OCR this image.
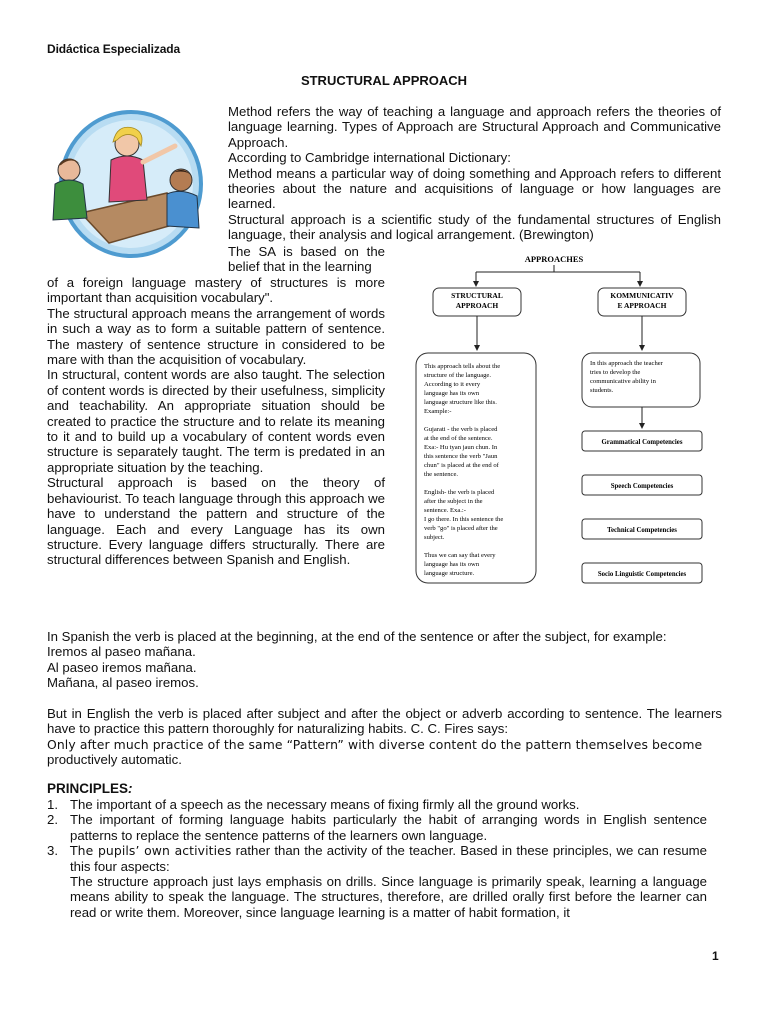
Didáctica Especializada
STRUCTURAL APPROACH

Method refers the way of teaching a language and approach refers the theories of language learning. Types of Approach are Structural Approach and Communicative Approach.

According to Cambridge international Dictionary:

Method means a particular way of doing something and Approach refers to different theories about the nature and acquisitions of language or how languages are learned.

Structural approach is a scientific study of the fundamental structures of English language, their analysis and logical arrangement. (Brewington)

The SA is based on the belief that in the learning

of a foreign language mastery of structures is more important than acquisition vocabulary".

The structural approach means the arrangement of words in such a way as to form a suitable pattern of sentence. The mastery of sentence structure in considered to be mare with than the acquisition of vocabulary.

In structural, content words are also taught. The selection of content words is directed by their usefulness, simplicity and teachability. An appropriate situation should be created to practice the structure and to relate its meaning to it and to build up a vocabulary of content words even structure is separately taught. The term is predated in an appropriate situation by the teaching.

Structural approach is based on the theory of behaviourist. To teach language through this approach we have to understand the pattern and structure of the language. Each and every Language has its own structure. Every language differs structurally. There are structural differences between Spanish and English.

APPROACHES
STRUCTURAL
APPROACH
KOMMUNICATIV
E APPROACH
This approach tells about the
structure of the language.
According to it every
language has its own
language structure like this.
Example:-
Gujarati - the verb is placed
at the end of the sentence.
Exa:- Hu tyan jaun chun. In
this sentence the verb "Jaun
chun" is placed at the end of
the sentence.
English- the verb is placed
after the subject in the
sentence. Exa.:-
I go there. In this sentence the
verb "go" is placed after the
subject.
Thus we can say that every
language has its own
language structure.
In this approach the teacher
tries to develop the
communicative ability in
students.
Grammatical Competencies
Speech Competencies
Technical Competencies
Socio Linguistic Competencies

In Spanish the verb is placed at the beginning, at the end of the sentence or after the subject, for example:

Iremos al paseo mañana.

Al paseo iremos mañana.

Mañana, al paseo iremos.

But in English the verb is placed after subject and after the object or adverb according to sentence. The learners have to practice this pattern thoroughly for naturalizing habits. C. C. Fires says:

Only after much practice of the same “Pattern” with diverse content do the pattern themselves become

productively automatic.

PRINCIPLES:
1. The important of a speech as the necessary means of fixing firmly all the ground works.
2. The important of forming language habits particularly the habit of arranging words in English sentence patterns to replace the sentence patterns of the learners own language.
3. The pupils’ own activities rather than the activity of the teacher. Based in these principles, we can resume this four aspects:
The structure approach just lays emphasis on drills. Since language is primarily speak, learning a language means ability to speak the language. The structures, therefore, are drilled orally first before the learner can read or write them. Moreover, since language learning is a matter of habit formation, it
1
